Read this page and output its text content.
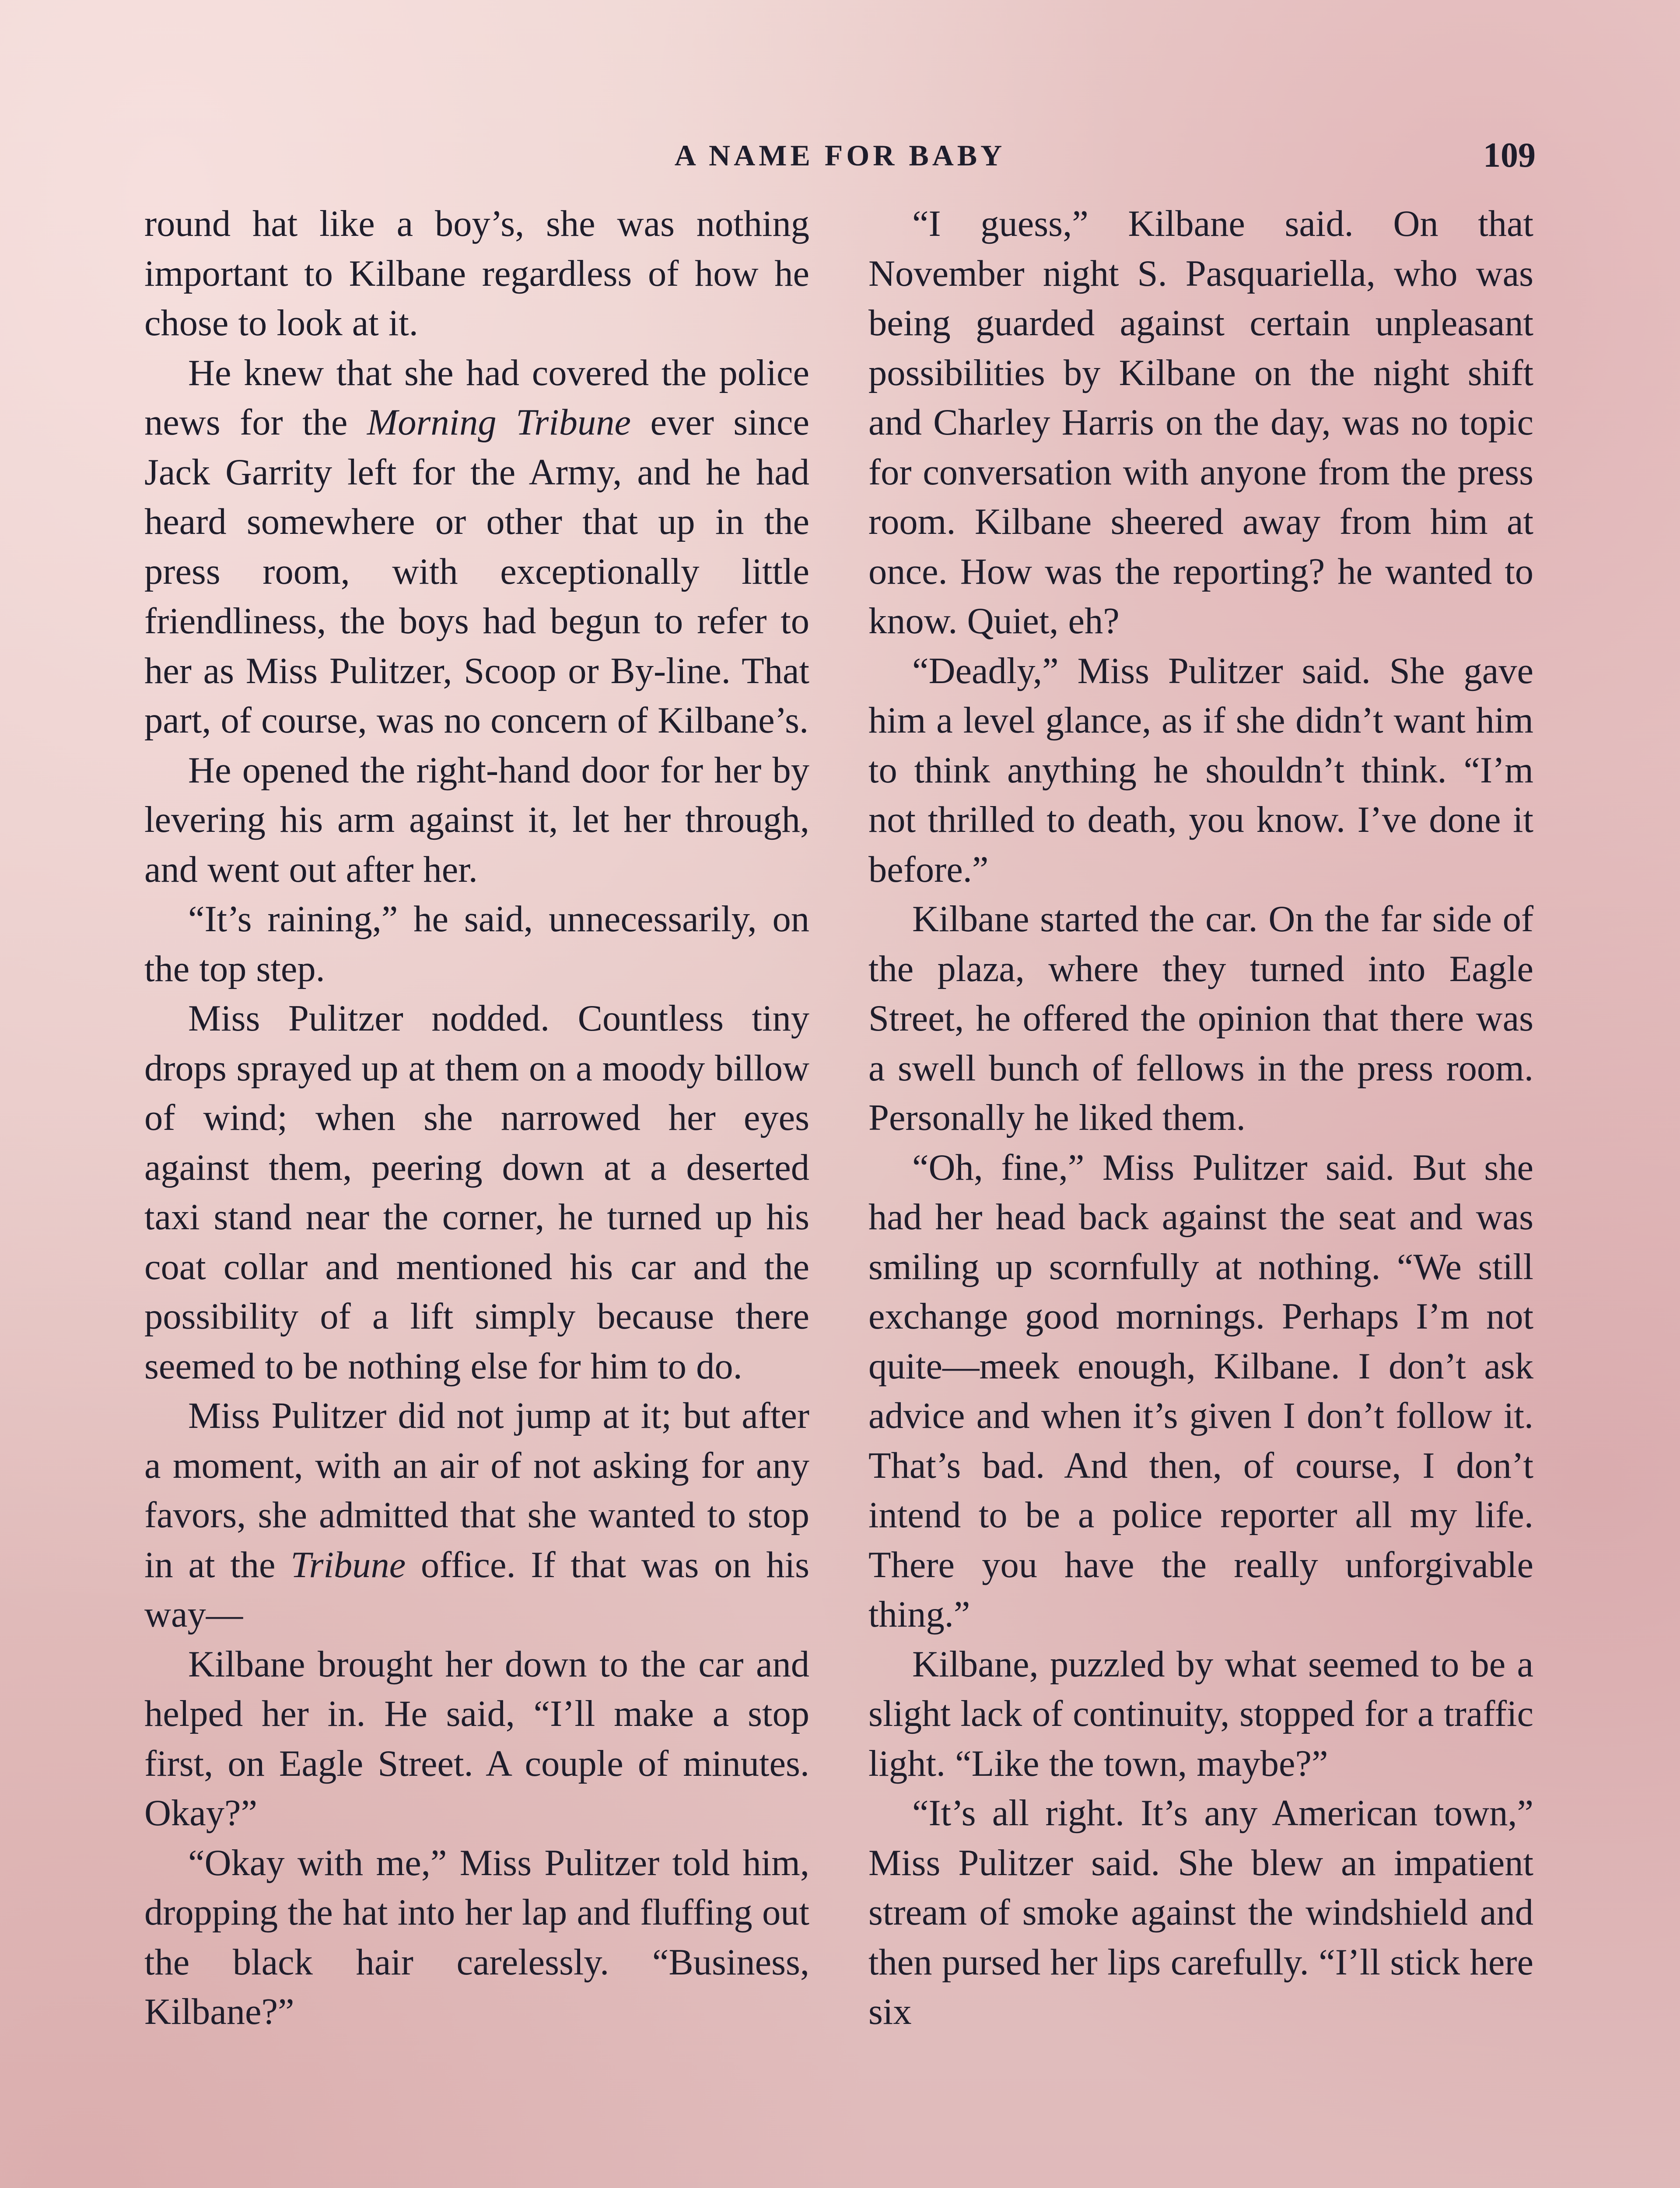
A NAME FOR BABY	109

round hat like a boy’s, she was nothing important to Kilbane regardless of how he chose to look at it.

He knew that she had covered the police news for the Morning Tribune ever since Jack Garrity left for the Army, and he had heard somewhere or other that up in the press room, with exceptionally little friendliness, the boys had begun to refer to her as Miss Pulitzer, Scoop or By-line. That part, of course, was no concern of Kilbane’s.

He opened the right-hand door for her by levering his arm against it, let her through, and went out after her.

“It’s raining,” he said, unnecessarily, on the top step.

Miss Pulitzer nodded. Countless tiny drops sprayed up at them on a moody billow of wind; when she narrowed her eyes against them, peering down at a deserted taxi stand near the corner, he turned up his coat collar and mentioned his car and the possibility of a lift simply because there seemed to be nothing else for him to do.

Miss Pulitzer did not jump at it; but after a moment, with an air of not asking for any favors, she admitted that she wanted to stop in at the Tribune office. If that was on his way—

Kilbane brought her down to the car and helped her in. He said, “I’ll make a stop first, on Eagle Street. A couple of minutes. Okay?”

“Okay with me,” Miss Pulitzer told him, dropping the hat into her lap and fluffing out the black hair carelessly. “Business, Kilbane?”

“I guess,” Kilbane said. On that November night S. Pasquariella, who was being guarded against certain unpleasant possibilities by Kilbane on the night shift and Charley Harris on the day, was no topic for conversation with anyone from the press room. Kilbane sheered away from him at once. How was the reporting? he wanted to know. Quiet, eh?

“Deadly,” Miss Pulitzer said. She gave him a level glance, as if she didn’t want him to think anything he shouldn’t think. “I’m not thrilled to death, you know. I’ve done it before.”

Kilbane started the car. On the far side of the plaza, where they turned into Eagle Street, he offered the opinion that there was a swell bunch of fellows in the press room. Personally he liked them.

“Oh, fine,” Miss Pulitzer said. But she had her head back against the seat and was smiling up scornfully at nothing. “We still exchange good mornings. Perhaps I’m not quite—meek enough, Kilbane. I don’t ask advice and when it’s given I don’t follow it. That’s bad. And then, of course, I don’t intend to be a police reporter all my life. There you have the really unforgivable thing.”

Kilbane, puzzled by what seemed to be a slight lack of continuity, stopped for a traffic light. “Like the town, maybe?”

“It’s all right. It’s any American town,” Miss Pulitzer said. She blew an impatient stream of smoke against the windshield and then pursed her lips carefully. “I’ll stick here six
